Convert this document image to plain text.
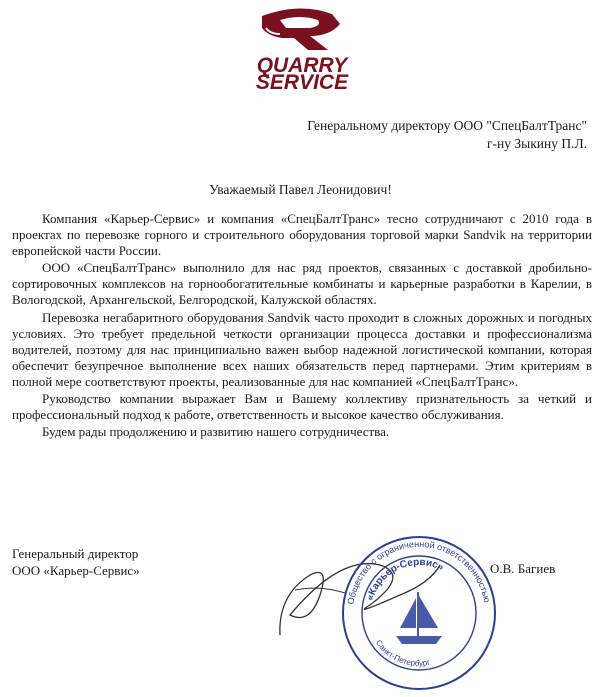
QUARRY
SERVICE
Генеральному директору ООО "СпецБалтТранс"
г-ну Зыкину П.Л.
Уважаемый Павел Леонидович!

Компания «Карьер-Сервис» и компания «СпецБалтТранс» тесно сотрудничают с 2010 года в проектах по перевозке горного и строительного оборудования торговой марки Sandvik на территории европейской части России.

ООО «СпецБалтТранс» выполнило для нас ряд проектов, связанных с доставкой дробильно-сортировочных комплексов на горнообогатительные комбинаты и карьерные разработки в Карелии, в Вологодской, Архангельской, Белгородской, Калужской областях.

Перевозка негабаритного оборудования Sandvik часто проходит в сложных дорожных и погодных условиях. Это требует предельной четкости организации процесса доставки и профессионализма водителей, поэтому для нас принципиально важен выбор надежной логистической компании, которая обеспечит безупречное выполнение всех наших обязательств перед партнерами. Этим критериям в полной мере соответствуют проекты, реализованные для нас компанией «СпецБалтТранс».

Руководство компании выражает Вам и Вашему коллективу признательность за четкий и профессиональный подход к работе, ответственность и высокое качество обслуживания.

Будем рады продолжению и развитию нашего сотрудничества.

Генеральный директор
ООО «Карьер-Сервис»
Общество с ограниченной ответственностью
«Карьер-Сервис»
Санкт-Петербург
О.В. Багиев
